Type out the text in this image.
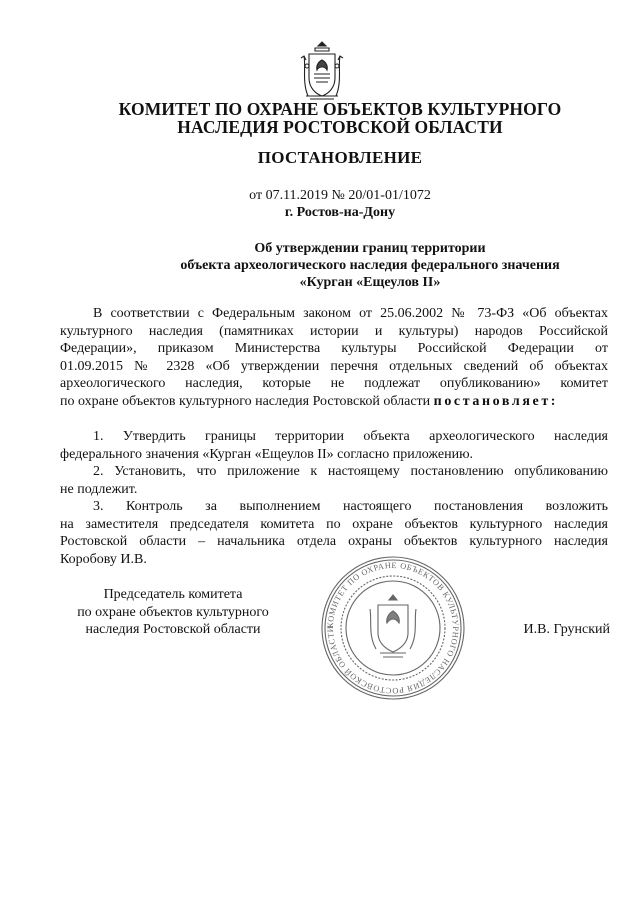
КОМИТЕТ ПО ОХРАНЕ ОБЪЕКТОВ КУЛЬТУРНОГО
НАСЛЕДИЯ РОСТОВСКОЙ ОБЛАСТИ
ПОСТАНОВЛЕНИЕ
от 07.11.2019 № 20/01-01/1072
г. Ростов-на-Дону
Об утверждении границ территории
объекта археологического наследия федерального значения
«Курган «Ещеулов II»
В соответствии с Федеральным законом от 25.06.2002 № 73-ФЗ «Об объектах
культурного наследия (памятниках истории и культуры) народов Российской
Федерации», приказом Министерства культуры Российской Федерации от
01.09.2015 № 2328 «Об утверждении перечня отдельных сведений об объектах
археологического наследия, которые не подлежат опубликованию» комитет
по охране объектов культурного наследия Ростовской области постановляет:
1. Утвердить границы территории объекта археологического наследия
федерального значения «Курган «Ещеулов II» согласно приложению.
2. Установить, что приложение к настоящему постановлению опубликованию
не подлежит.
3. Контроль за выполнением настоящего постановления возложить
на заместителя председателя комитета по охране объектов культурного наследия
Ростовской области – начальника отдела охраны объектов культурного наследия
Коробову И.В.
Председатель комитета
по охране объектов культурного
наследия Ростовской области	КОМИТЕТ ПО ОХРАНЕ ОБЪЕКТОВ КУЛЬТУРНОГО НАСЛЕДИЯ РОСТОВСКОЙ ОБЛАСТИ	И.В. Грунский
